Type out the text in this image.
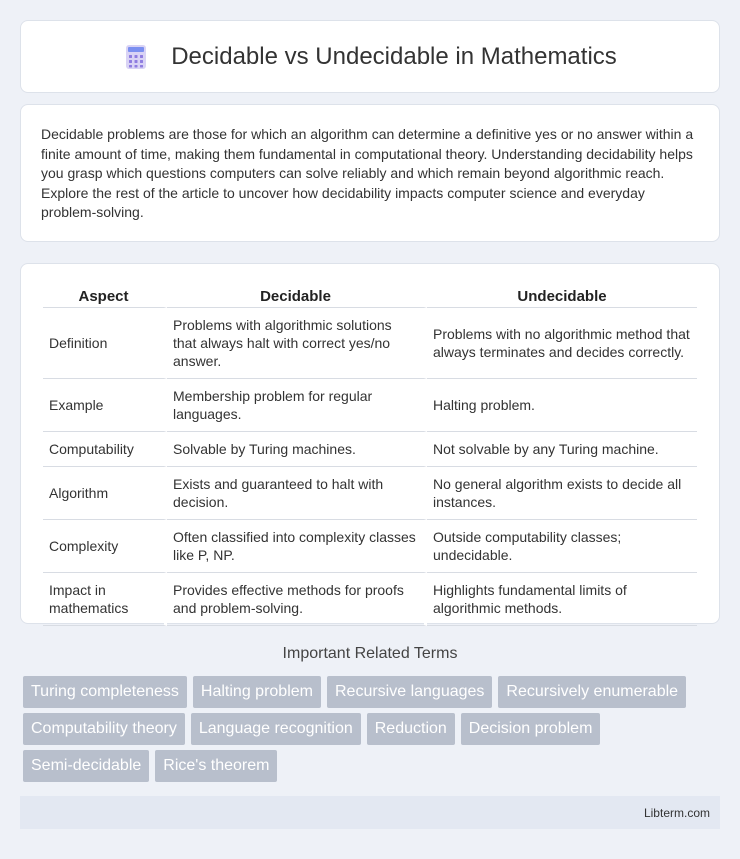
Decidable vs Undecidable in Mathematics

Decidable problems are those for which an algorithm can determine a definitive yes or no answer within a finite amount of time, making them fundamental in computational theory. Understanding decidability helps you grasp which questions computers can solve reliably and which remain beyond algorithmic reach. Explore the rest of the article to uncover how decidability impacts computer science and everyday problem-solving.

Aspect	Decidable	Undecidable
Definition	Problems with algorithmic solutions that always halt with correct yes/no answer.	Problems with no algorithmic method that always terminates and decides correctly.
Example	Membership problem for regular languages.	Halting problem.
Computability	Solvable by Turing machines.	Not solvable by any Turing machine.
Algorithm	Exists and guaranteed to halt with decision.	No general algorithm exists to decide all instances.
Complexity	Often classified into complexity classes like P, NP.	Outside computability classes; undecidable.
Impact in mathematics	Provides effective methods for proofs and problem-solving.	Highlights fundamental limits of algorithmic methods.
Important Related Terms
Turing completeness	Halting problem	Recursive languages	Recursively enumerable
Computability theory	Language recognition	Reduction	Decision problem
Semi-decidable	Rice's theorem
Libterm.com
